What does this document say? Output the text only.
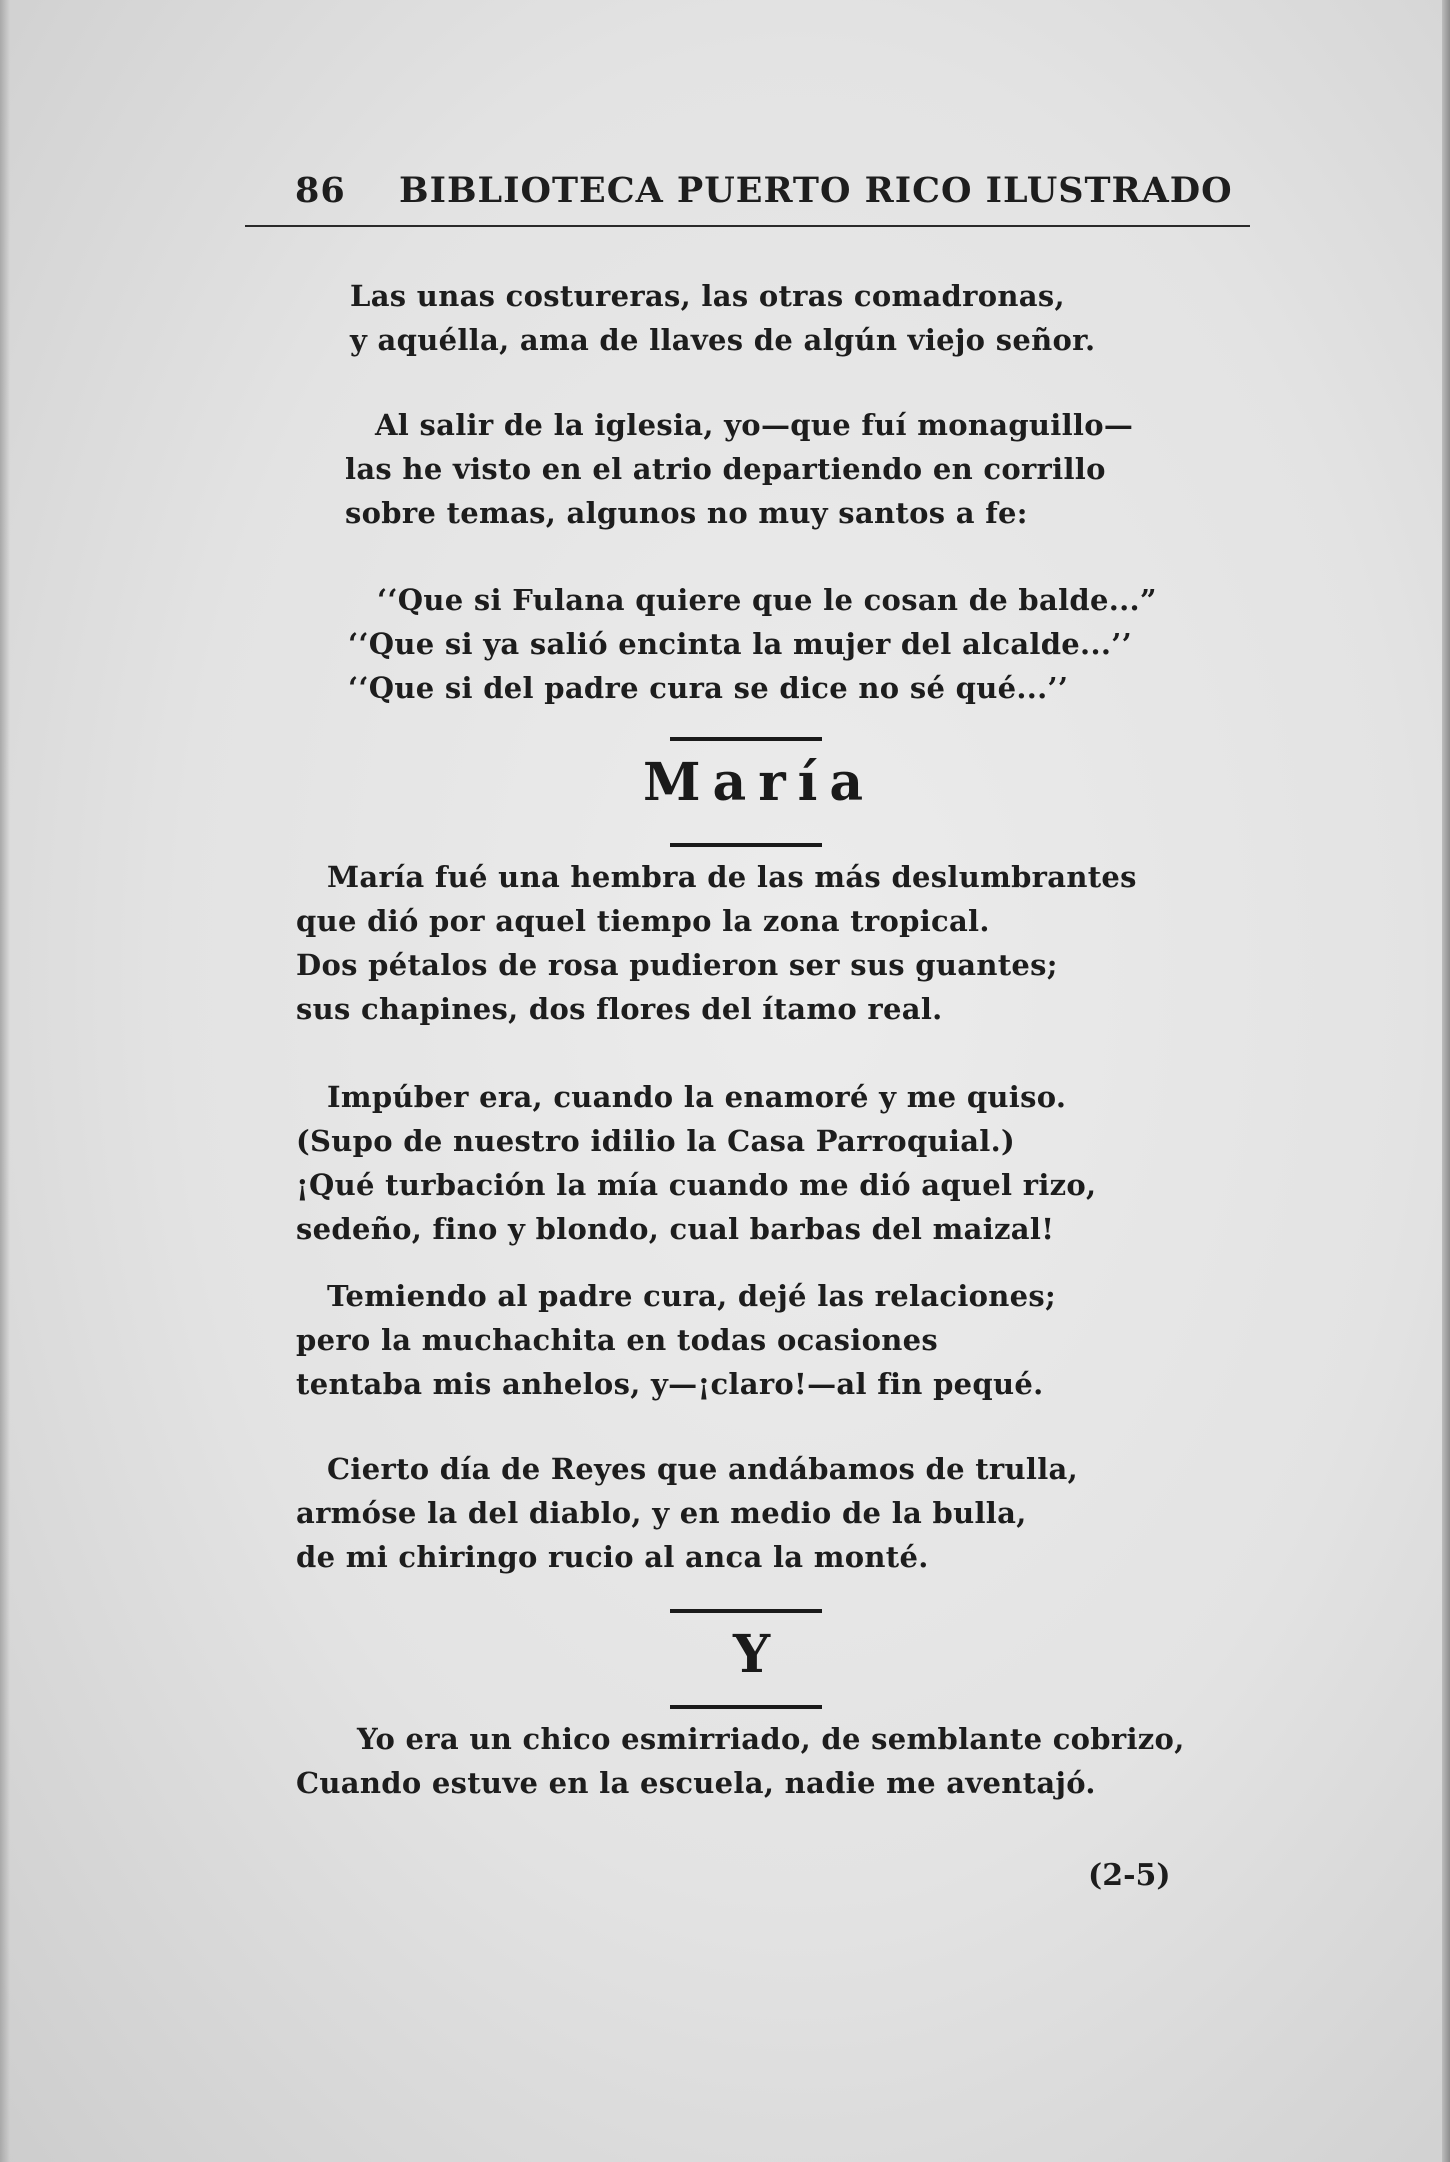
86 BIBLIOTECA PUERTO RICO ILUSTRADO
Las unas costureras, las otras comadronas,
y aquélla, ama de llaves de algún viejo señor.
Al salir de la iglesia, yo—que fuí monaguillo—
las he visto en el atrio departiendo en corrillo
sobre temas, algunos no muy santos a fe:
‘‘Que si Fulana quiere que le cosan de balde...”
‘‘Que si ya salió encinta la mujer del alcalde...’’
‘‘Que si del padre cura se dice no sé qué...’’
María
María fué una hembra de las más deslumbrantes
que dió por aquel tiempo la zona tropical.
Dos pétalos de rosa pudieron ser sus guantes;
sus chapines, dos flores del ítamo real.
Impúber era, cuando la enamoré y me quiso.
(Supo de nuestro idilio la Casa Parroquial.)
¡Qué turbación la mía cuando me dió aquel rizo,
sedeño, fino y blondo, cual barbas del maizal!
Temiendo al padre cura, dejé las relaciones;
pero la muchachita en todas ocasiones
tentaba mis anhelos, y—¡claro!—al fin pequé.
Cierto día de Reyes que andábamos de trulla,
armóse la del diablo, y en medio de la bulla,
de mi chiringo rucio al anca la monté.
Y
Yo era un chico esmirriado, de semblante cobrizo,
Cuando estuve en la escuela, nadie me aventajó.
(2-5)
